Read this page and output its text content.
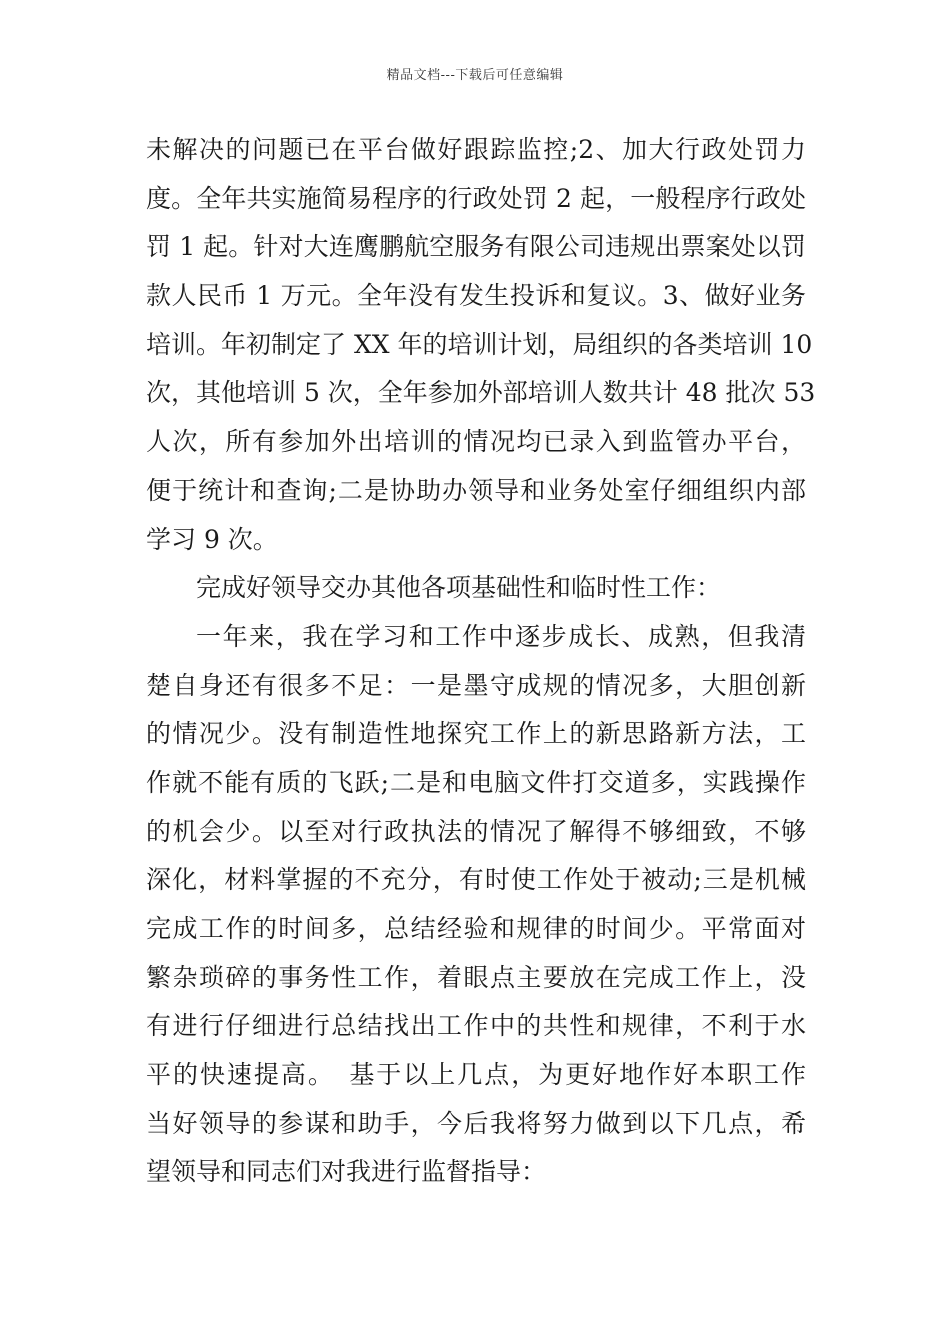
精品文档---下载后可任意编辑
未解决的问题已在平台做好跟踪监控;2、加大行政处罚力
度。全年共实施简易程序的行政处罚 2 起，一般程序行政处
罚 1 起。针对大连鹰鹏航空服务有限公司违规出票案处以罚
款人民币 1 万元。全年没有发生投诉和复议。3、做好业务
培训。年初制定了 XX 年的培训计划，局组织的各类培训 10
次，其他培训 5 次，全年参加外部培训人数共计 48 批次 53
人次，所有参加外出培训的情况均已录入到监管办平台，
便于统计和查询;二是协助办领导和业务处室仔细组织内部
学习 9 次。
完成好领导交办其他各项基础性和临时性工作：
一年来，我在学习和工作中逐步成长、成熟，但我清
楚自身还有很多不足：一是墨守成规的情况多，大胆创新
的情况少。没有制造性地探究工作上的新思路新方法，工
作就不能有质的飞跃;二是和电脑文件打交道多，实践操作
的机会少。以至对行政执法的情况了解得不够细致，不够
深化，材料掌握的不充分，有时使工作处于被动;三是机械
完成工作的时间多，总结经验和规律的时间少。平常面对
繁杂琐碎的事务性工作，着眼点主要放在完成工作上，没
有进行仔细进行总结找出工作中的共性和规律，不利于水
平的快速提高。　基于以上几点，为更好地作好本职工作
当好领导的参谋和助手，今后我将努力做到以下几点，希
望领导和同志们对我进行监督指导：
